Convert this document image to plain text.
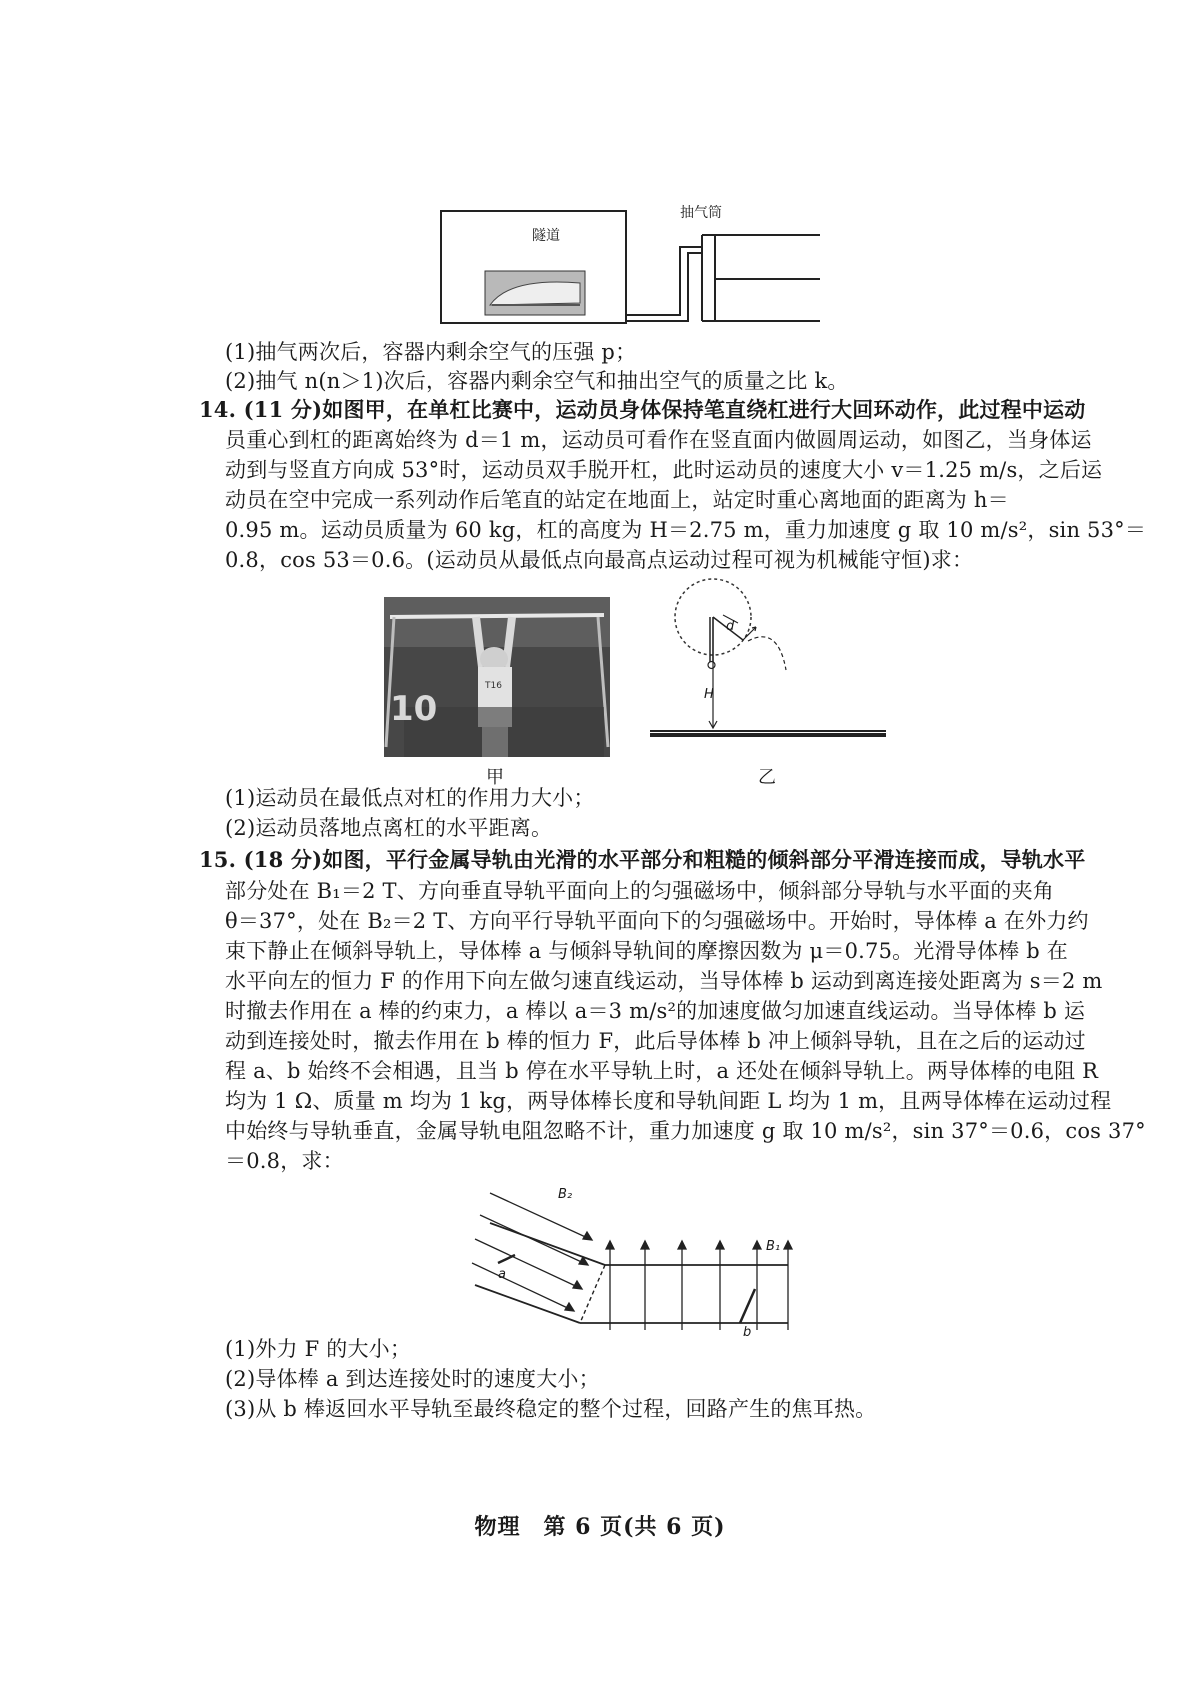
隧道
抽气筒
(1)抽气两次后，容器内剩余空气的压强 p；
(2)抽气 n(n＞1)次后，容器内剩余空气和抽出空气的质量之比 k。
14. (11 分)如图甲，在单杠比赛中，运动员身体保持笔直绕杠进行大回环动作，此过程中运动
员重心到杠的距离始终为 d＝1 m，运动员可看作在竖直面内做圆周运动，如图乙，当身体运
动到与竖直方向成 53°时，运动员双手脱开杠，此时运动员的速度大小 v＝1.25 m/s，之后运
动员在空中完成一系列动作后笔直的站定在地面上，站定时重心离地面的距离为 h＝
0.95 m。运动员质量为 60 kg，杠的高度为 H＝2.75 m，重力加速度 g 取 10 m/s²，sin 53°＝
0.8，cos 53＝0.6。(运动员从最低点向最高点运动过程可视为机械能守恒)求：
10
T16
甲
d
H
乙
(1)运动员在最低点对杠的作用力大小；
(2)运动员落地点离杠的水平距离。
15. (18 分)如图，平行金属导轨由光滑的水平部分和粗糙的倾斜部分平滑连接而成，导轨水平
部分处在 B₁＝2 T、方向垂直导轨平面向上的匀强磁场中，倾斜部分导轨与水平面的夹角
θ＝37°，处在 B₂＝2 T、方向平行导轨平面向下的匀强磁场中。开始时，导体棒 a 在外力约
束下静止在倾斜导轨上，导体棒 a 与倾斜导轨间的摩擦因数为 μ＝0.75。光滑导体棒 b 在
水平向左的恒力 F 的作用下向左做匀速直线运动，当导体棒 b 运动到离连接处距离为 s＝2 m
时撤去作用在 a 棒的约束力，a 棒以 a＝3 m/s²的加速度做匀加速直线运动。当导体棒 b 运
动到连接处时，撤去作用在 b 棒的恒力 F，此后导体棒 b 冲上倾斜导轨，且在之后的运动过
程 a、b 始终不会相遇，且当 b 停在水平导轨上时，a 还处在倾斜导轨上。两导体棒的电阻 R
均为 1 Ω、质量 m 均为 1 kg，两导体棒长度和导轨间距 L 均为 1 m，且两导体棒在运动过程
中始终与导轨垂直，金属导轨电阻忽略不计，重力加速度 g 取 10 m/s²，sin 37°＝0.6，cos 37°
＝0.8，求：
B₂
B₁
a
b
(1)外力 F 的大小；
(2)导体棒 a 到达连接处时的速度大小；
(3)从 b 棒返回水平导轨至最终稳定的整个过程，回路产生的焦耳热。
物理　第 6 页(共 6 页)
